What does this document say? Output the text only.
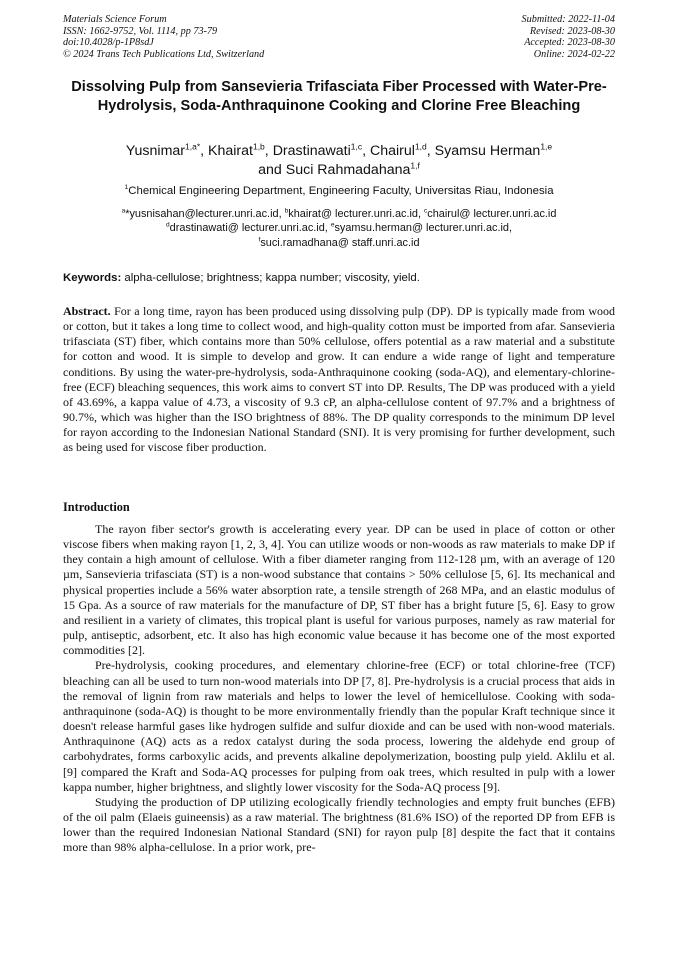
Materials Science Forum
ISSN: 1662-9752, Vol. 1114, pp 73-79
doi:10.4028/p-1P8sdJ
© 2024 Trans Tech Publications Ltd, Switzerland
Submitted: 2022-11-04
Revised: 2023-08-30
Accepted: 2023-08-30
Online: 2024-02-22
Dissolving Pulp from Sansevieria Trifasciata Fiber Processed with Water-Pre-Hydrolysis, Soda-Anthraquinone Cooking and Clorine Free Bleaching
Yusnimar$^{1,a*}$, Khairat$^{1,b}$, Drastinawati$^{1,c}$, Chairul$^{1,d}$, Syamsu Herman$^{1,e}$
and Suci Rahmadahana$^{1,f}$
$^1$Chemical Engineering Department, Engineering Faculty, Universitas Riau, Indonesia
$^a$*yusnisahan@lecturer.unri.ac.id, $^b$khairat@ lecturer.unri.ac.id, $^c$chairul@ lecturer.unri.ac.id
$^d$drastinawati@ lecturer.unri.ac.id, $^e$syamsu.herman@ lecturer.unri.ac.id,
$^f$suci.ramadhana@ staff.unri.ac.id
Keywords: alpha-cellulose; brightness; kappa number; viscosity, yield.
Abstract. For a long time, rayon has been produced using dissolving pulp (DP). DP is typically made from wood or cotton, but it takes a long time to collect wood, and high-quality cotton must be imported from afar. Sansevieria trifasciata (ST) fiber, which contains more than 50% cellulose, offers potential as a raw material and a substitute for cotton and wood. It is simple to develop and grow. It can endure a wide range of light and temperature conditions. By using the water-pre-hydrolysis, soda-Anthraquinone cooking (soda-AQ), and elementary-chlorine-free (ECF) bleaching sequences, this work aims to convert ST into DP. Results, The DP was produced with a yield of 43.69%, a kappa value of 4.73, a viscosity of 9.3 cP, an alpha-cellulose content of 97.7% and a brightness of 90.7%, which was higher than the ISO brightness of 88%. The DP quality corresponds to the minimum DP level for rayon according to the Indonesian National Standard (SNI). It is very promising for further development, such as being used for viscose fiber production.
Introduction

The rayon fiber sector's growth is accelerating every year. DP can be used in place of cotton or other viscose fibers when making rayon [1, 2, 3, 4]. You can utilize woods or non-woods as raw materials to make DP if they contain a high amount of cellulose. With a fiber diameter ranging from 112-128 µm, with an average of 120 µm, Sansevieria trifasciata (ST) is a non-wood substance that contains > 50% cellulose [5, 6]. Its mechanical and physical properties include a 56% water absorption rate, a tensile strength of 268 MPa, and an elastic modulus of 15 Gpa. As a source of raw materials for the manufacture of DP, ST fiber has a bright future [5, 6]. Easy to grow and resilient in a variety of climates, this tropical plant is useful for various purposes, namely as raw material for pulp, antiseptic, adsorbent, etc. It also has high economic value because it has become one of the most exported commodities [2].

Pre-hydrolysis, cooking procedures, and elementary chlorine-free (ECF) or total chlorine-free (TCF) bleaching can all be used to turn non-wood materials into DP [7, 8]. Pre-hydrolysis is a crucial process that aids in the removal of lignin from raw materials and helps to lower the level of hemicellulose. Cooking with soda-anthraquinone (soda-AQ) is thought to be more environmentally friendly than the popular Kraft technique since it doesn't release harmful gases like hydrogen sulfide and sulfur dioxide and can be used with non-wood materials. Anthraquinone (AQ) acts as a redox catalyst during the soda process, lowering the aldehyde end group of carbohydrates, forms carboxylic acids, and prevents alkaline depolymerization, boosting pulp yield. Aklilu et al. [9] compared the Kraft and Soda-AQ processes for pulping from oak trees, which resulted in pulp with a lower kappa number, higher brightness, and slightly lower viscosity for the Soda-AQ process [9].

Studying the production of DP utilizing ecologically friendly technologies and empty fruit bunches (EFB) of the oil palm (Elaeis guineensis) as a raw material. The brightness (81.6% ISO) of the reported DP from EFB is lower than the required Indonesian National Standard (SNI) for rayon pulp [8] despite the fact that it contains more than 98% alpha-cellulose. In a prior work, pre-
